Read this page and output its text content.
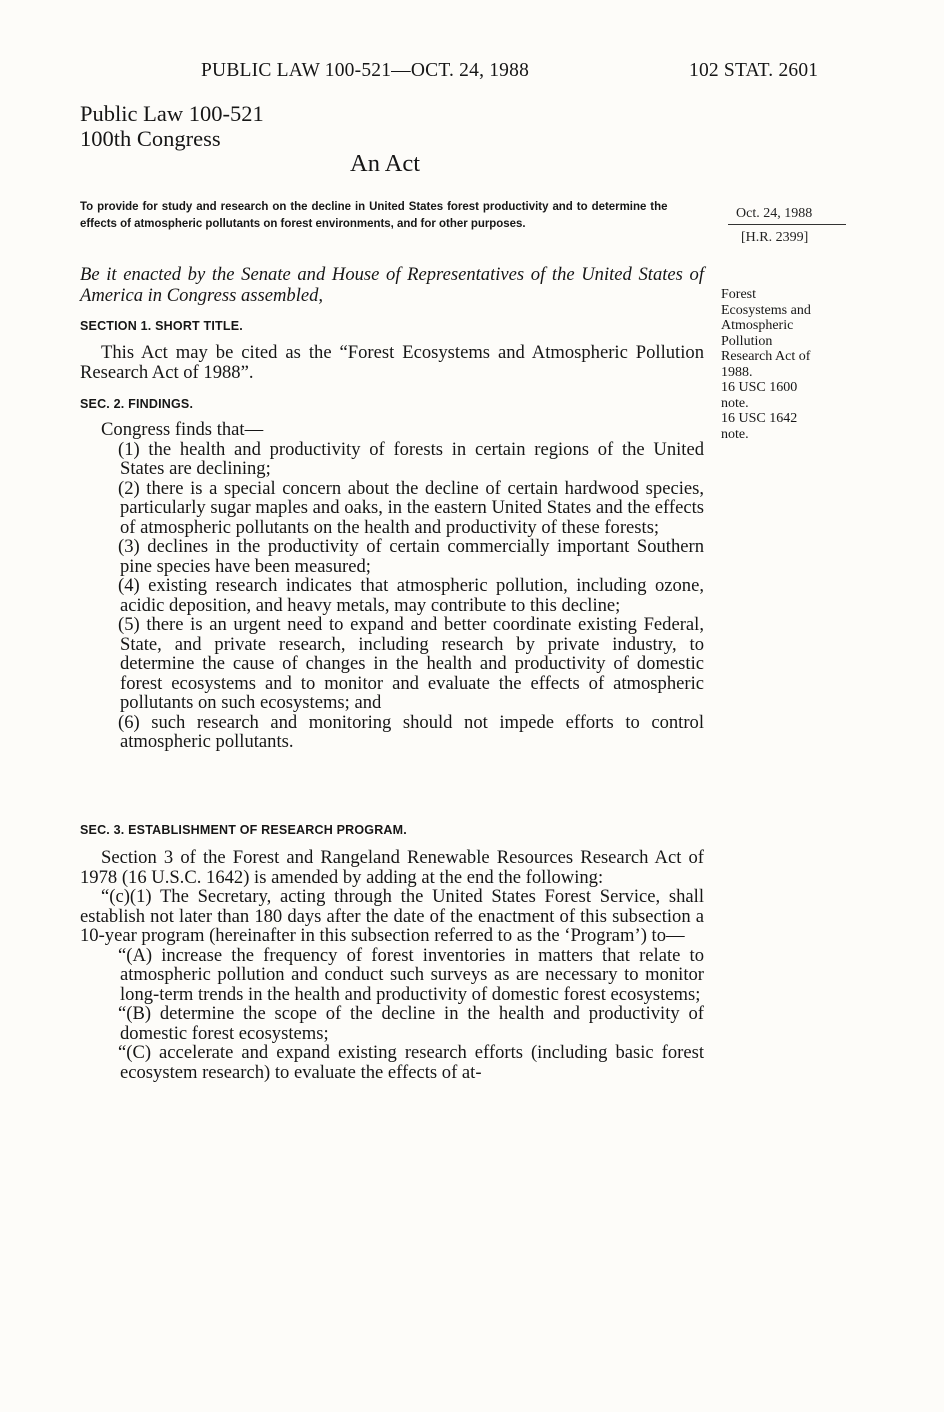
PUBLIC LAW 100-521—OCT. 24, 1988	102 STAT. 2601
Public Law 100-521
100th Congress
An Act
To provide for study and research on the decline in United States forest productivity and to determine the effects of atmospheric pollutants on forest environments, and for other purposes.
Oct. 24, 1988
[H.R. 2399]
Forest
Ecosystems and
Atmospheric
Pollution
Research Act of
1988.
16 USC 1600
note.
16 USC 1642
note.
Be it enacted by the Senate and House of Representatives of the United States of America in Congress assembled,
SECTION 1. SHORT TITLE.

This Act may be cited as the “Forest Ecosystems and Atmospheric Pollution Research Act of 1988”.

SEC. 2. FINDINGS.

Congress finds that—

(1) the health and productivity of forests in certain regions of the United States are declining;

(2) there is a special concern about the decline of certain hardwood species, particularly sugar maples and oaks, in the eastern United States and the effects of atmospheric pollutants on the health and productivity of these forests;

(3) declines in the productivity of certain commercially important Southern pine species have been measured;

(4) existing research indicates that atmospheric pollution, including ozone, acidic deposition, and heavy metals, may contribute to this decline;

(5) there is an urgent need to expand and better coordinate existing Federal, State, and private research, including research by private industry, to determine the cause of changes in the health and productivity of domestic forest ecosystems and to monitor and evaluate the effects of atmospheric pollutants on such ecosystems; and

(6) such research and monitoring should not impede efforts to control atmospheric pollutants.

SEC. 3. ESTABLISHMENT OF RESEARCH PROGRAM.

Section 3 of the Forest and Rangeland Renewable Resources Research Act of 1978 (16 U.S.C. 1642) is amended by adding at the end the following:

“(c)(1) The Secretary, acting through the United States Forest Service, shall establish not later than 180 days after the date of the enactment of this subsection a 10-year program (hereinafter in this subsection referred to as the ‘Program’) to—

“(A) increase the frequency of forest inventories in matters that relate to atmospheric pollution and conduct such surveys as are necessary to monitor long-term trends in the health and productivity of domestic forest ecosystems;

“(B) determine the scope of the decline in the health and productivity of domestic forest ecosystems;

“(C) accelerate and expand existing research efforts (including basic forest ecosystem research) to evaluate the effects of at-
